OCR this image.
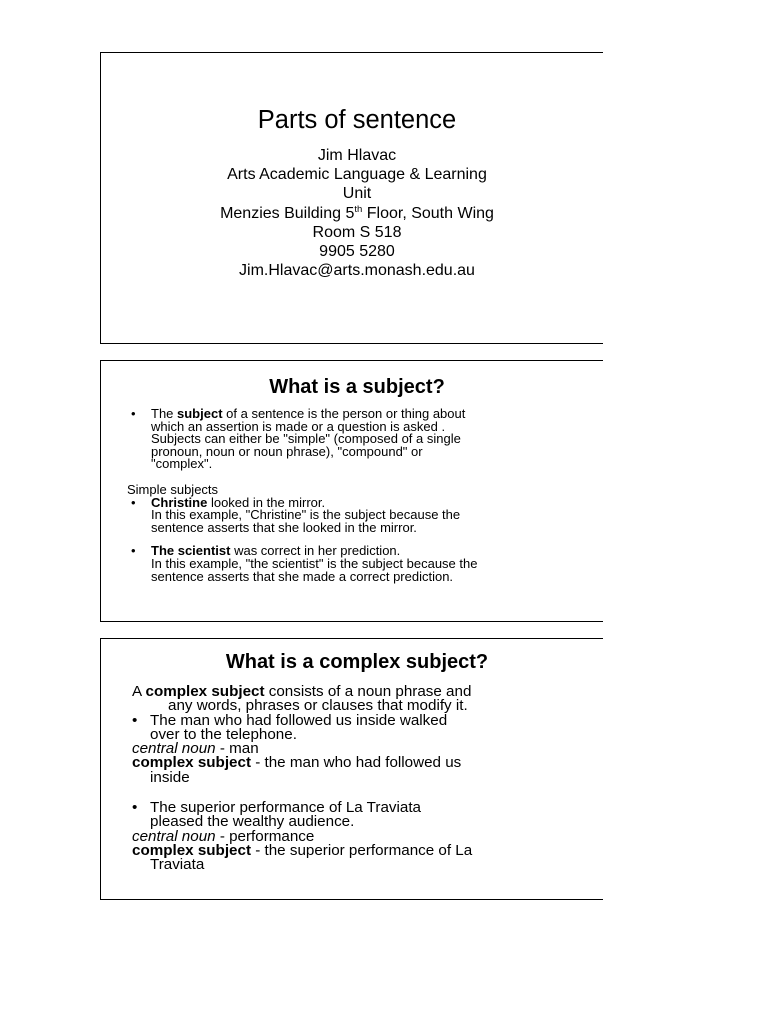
Parts of sentence
Jim Hlavac
Arts Academic Language & Learning
Unit
Menzies Building 5th Floor, South Wing
Room S 518
9905 5280
Jim.Hlavac@arts.monash.edu.au
What is a subject?
• The subject of a sentence is the person or thing about
which an assertion is made or a question is asked .
Subjects can either be "simple" (composed of a single
pronoun, noun or noun phrase), "compound" or
"complex".
Simple subjects
• Christine looked in the mirror.
In this example, "Christine" is the subject because the
sentence asserts that she looked in the mirror.
• The scientist was correct in her prediction.
In this example, "the scientist" is the subject because the
sentence asserts that she made a correct prediction.
What is a complex subject?
A complex subject consists of a noun phrase and
any words, phrases or clauses that modify it.
• The man who had followed us inside walked
over to the telephone.
central noun - man
complex subject - the man who had followed us
inside
• The superior performance of La Traviata
pleased the wealthy audience.
central noun - performance
complex subject - the superior performance of La
Traviata
